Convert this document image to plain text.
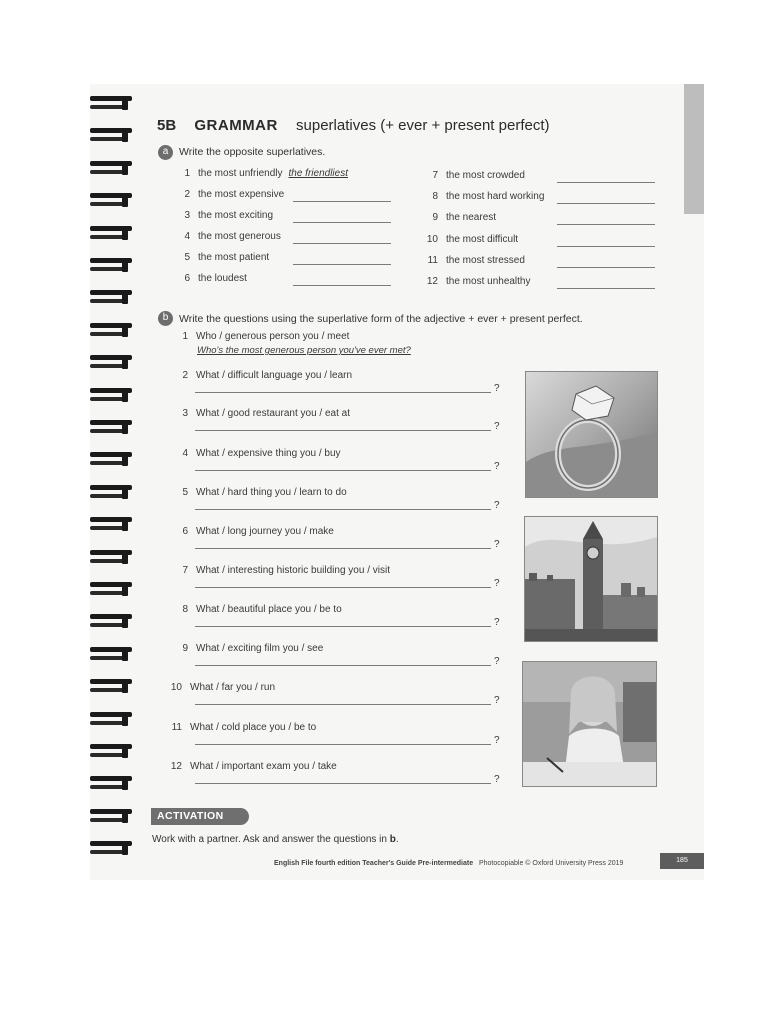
5B GRAMMAR superlatives (+ ever + present perfect)
a	Write the opposite superlatives.
1 the most unfriendly the friendliest
2 the most expensive
3 the most exciting
4 the most generous
5 the most patient
6 the loudest
7 the most crowded
8 the most hard working
9 the nearest
10 the most difficult
11 the most stressed
12 the most unhealthy
b	Write the questions using the superlative form of the adjective + ever + present perfect.
Who's the most generous person you've ever met?
1 Who / generous person you / meet
2 What / difficult language you / learn
?
3 What / good restaurant you / eat at
?
4 What / expensive thing you / buy
?
5 What / hard thing you / learn to do
?
6 What / long journey you / make
?
7 What / interesting historic building you / visit
?
8 What / beautiful place you / be to
?
9 What / exciting film you / see
?
10 What / far you / run
?
11 What / cold place you / be to
?
12 What / important exam you / take
?
ACTIVATION
Work with a partner. Ask and answer the questions in b.
English File fourth edition Teacher's Guide Pre-intermediate Photocopiable © Oxford University Press 2019	185
